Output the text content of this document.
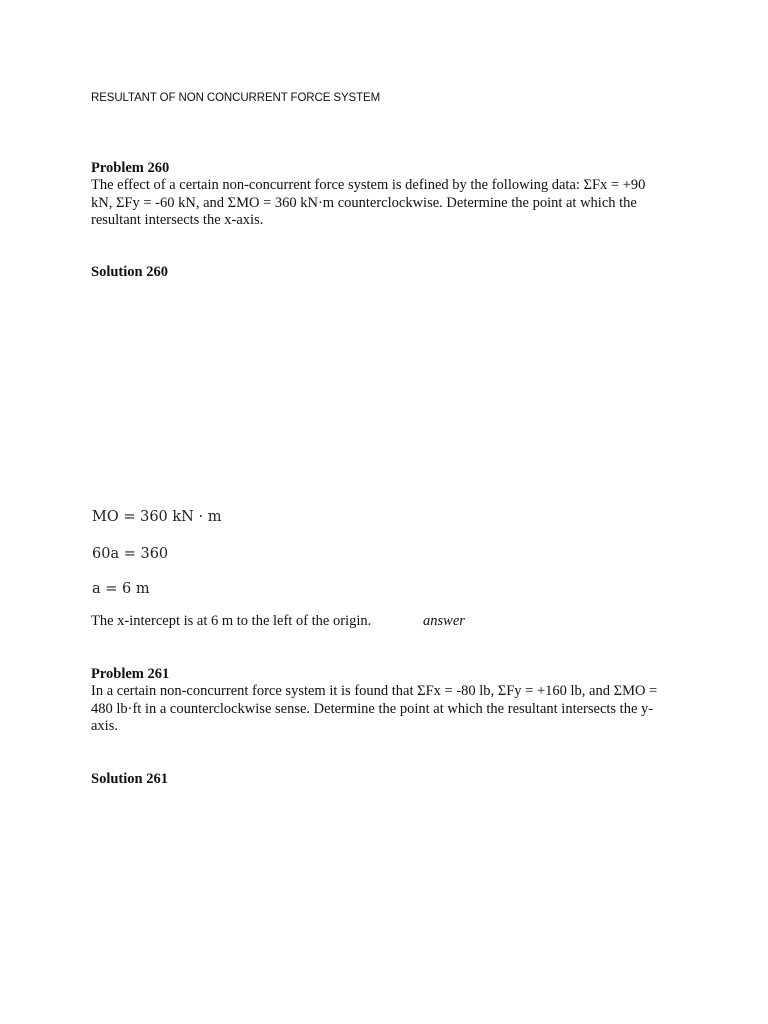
RESULTANT OF NON CONCURRENT FORCE SYSTEM
Problem 260
The effect of a certain non-concurrent force system is defined by the following data: ΣFx = +90
kN, ΣFy = -60 kN, and ΣMO = 360 kN·m counterclockwise. Determine the point at which the
resultant intersects the x-axis.
Solution 260
MO = 360 kN · m
60a = 360
a = 6 m
The x-intercept is at 6 m to the left of the origin.	answer
Problem 261
In a certain non-concurrent force system it is found that ΣFx = -80 lb, ΣFy = +160 lb, and ΣMO =
480 lb·ft in a counterclockwise sense. Determine the point at which the resultant intersects the y-
axis.
Solution 261
